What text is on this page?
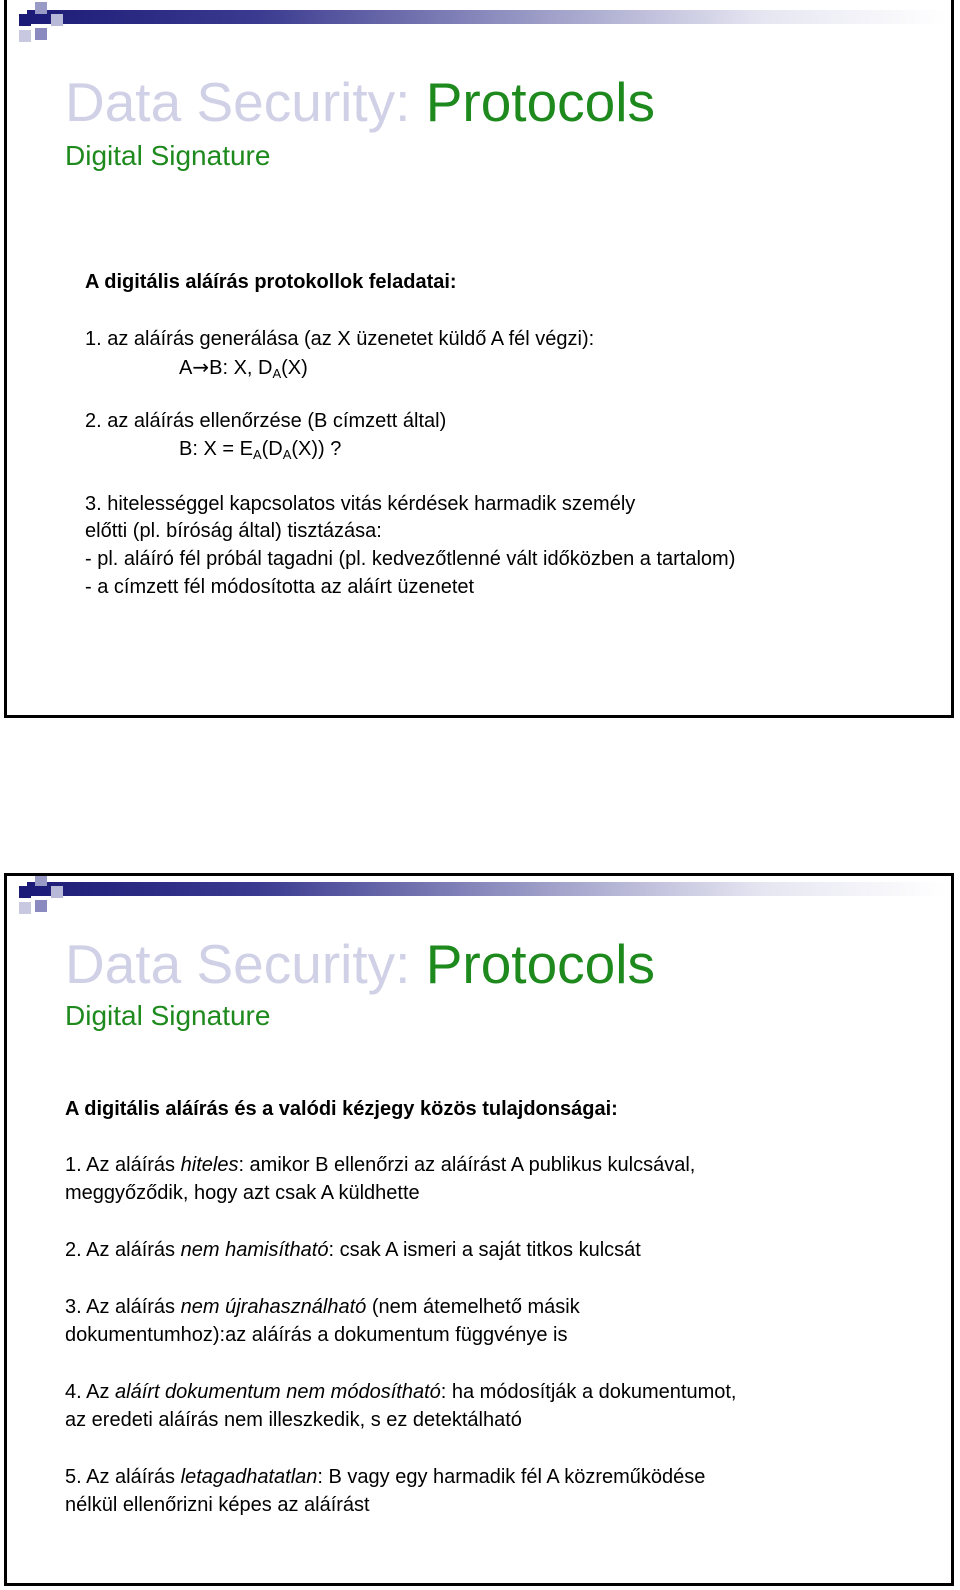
Data Security: Protocols
Digital Signature
A digitális aláírás protokollok feladatai:
1. az aláírás generálása (az X üzenetet küldő A fél végzi):
A→B: X, $D_A(X)$
2. az aláírás ellenőrzése (B címzett által)
B: $X = E_A(D_A(X))$ ?
3. hitelességgel kapcsolatos vitás kérdések harmadik személy
előtti (pl. bíróság által) tisztázása:
- pl. aláíró fél próbál tagadni (pl. kedvezőtlenné vált időközben a tartalom)
- a címzett fél módosította az aláírt üzenetet
Data Security: Protocols
Digital Signature
A digitális aláírás és a valódi kézjegy közös tulajdonságai:
1. Az aláírás hiteles: amikor B ellenőrzi az aláírást A publikus kulcsával,
meggyőződik, hogy azt csak A küldhette
2. Az aláírás nem hamisítható: csak A ismeri a saját titkos kulcsát
3. Az aláírás nem újrahasználható (nem átemelhető másik
dokumentumhoz):az aláírás a dokumentum függvénye is
4. Az aláírt dokumentum nem módosítható: ha módosítják a dokumentumot,
az eredeti aláírás nem illeszkedik, s ez detektálható
5. Az aláírás letagadhatatlan: B vagy egy harmadik fél A közreműködése
nélkül ellenőrizni képes az aláírást
